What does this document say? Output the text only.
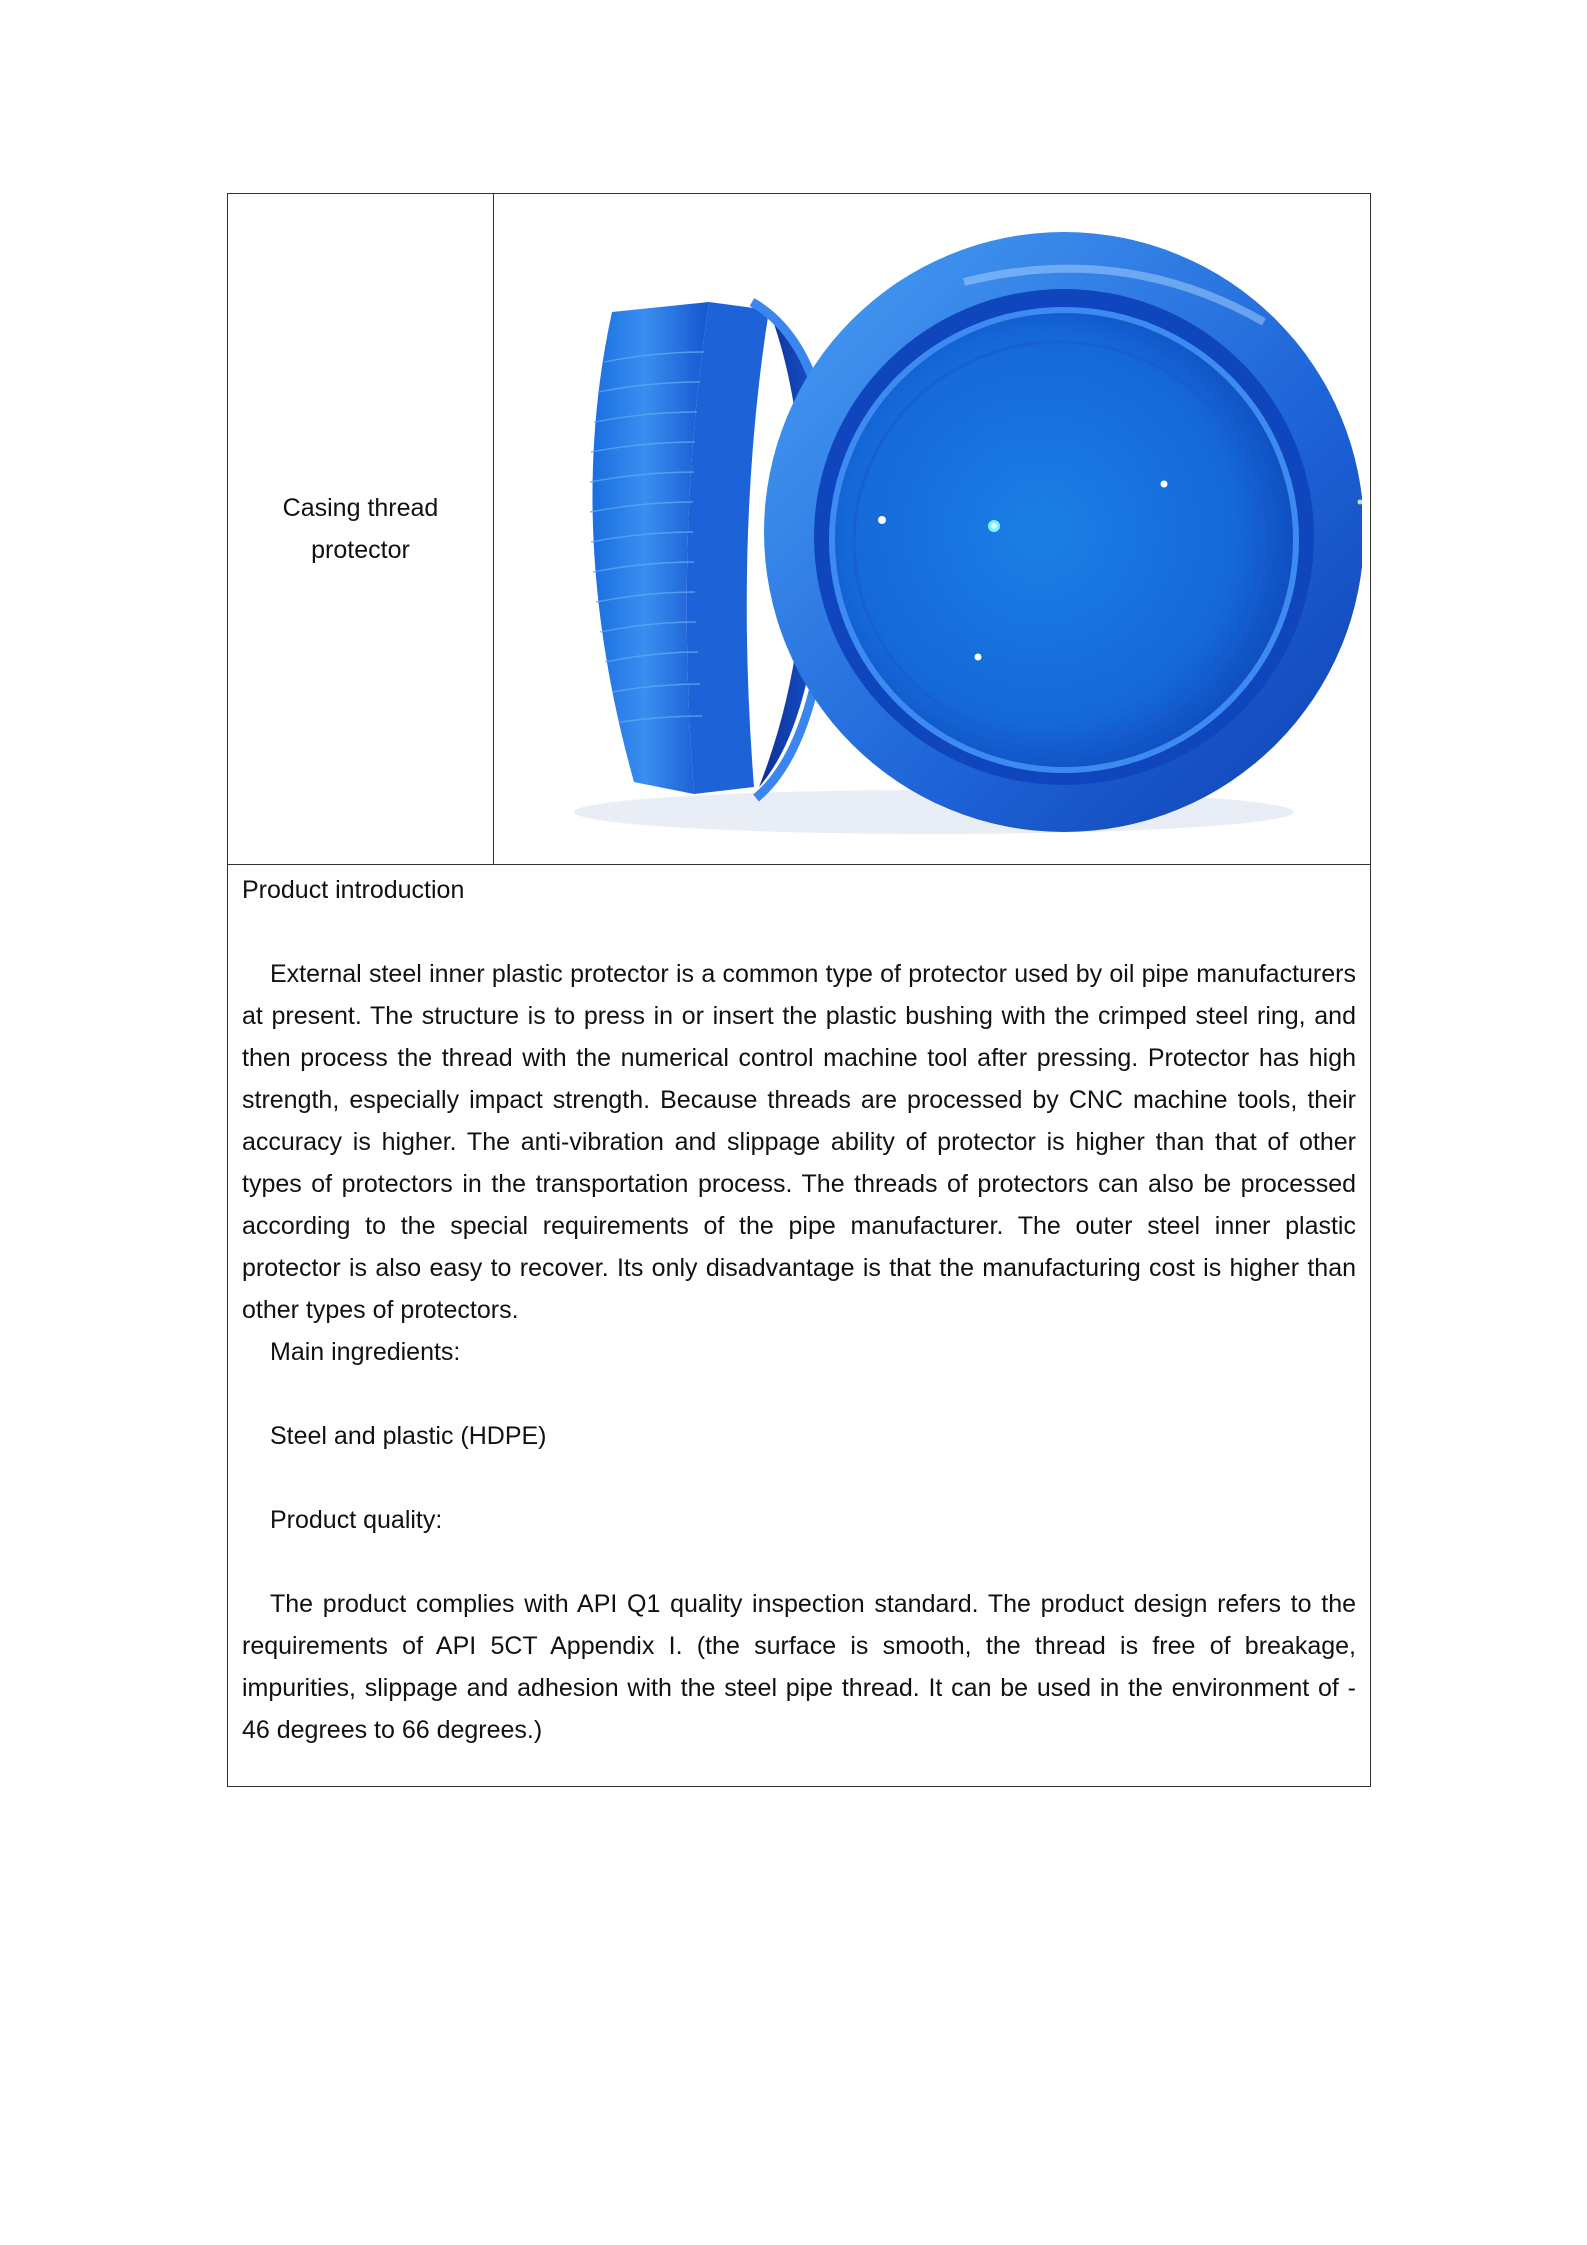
Casing thread protector
Product introduction

External steel inner plastic protector is a common type of protector used by oil pipe manufacturers at present. The structure is to press in or insert the plastic bushing with the crimped steel ring, and then process the thread with the numerical control machine tool after pressing. Protector has high strength, especially impact strength. Because threads are processed by CNC machine tools, their accuracy is higher. The anti-vibration and slippage ability of protector is higher than that of other types of protectors in the transportation process. The threads of protectors can also be processed according to the special requirements of the pipe manufacturer. The outer steel inner plastic protector is also easy to recover. Its only disadvantage is that the manufacturing cost is higher than other types of protectors.

Main ingredients:
Steel and plastic (HDPE)
Product quality:

The product complies with API Q1 quality inspection standard. The product design refers to the requirements of API 5CT Appendix I. (the surface is smooth, the thread is free of breakage, impurities, slippage and adhesion with the steel pipe thread. It can be used in the environment of - 46 degrees to 66 degrees.)
